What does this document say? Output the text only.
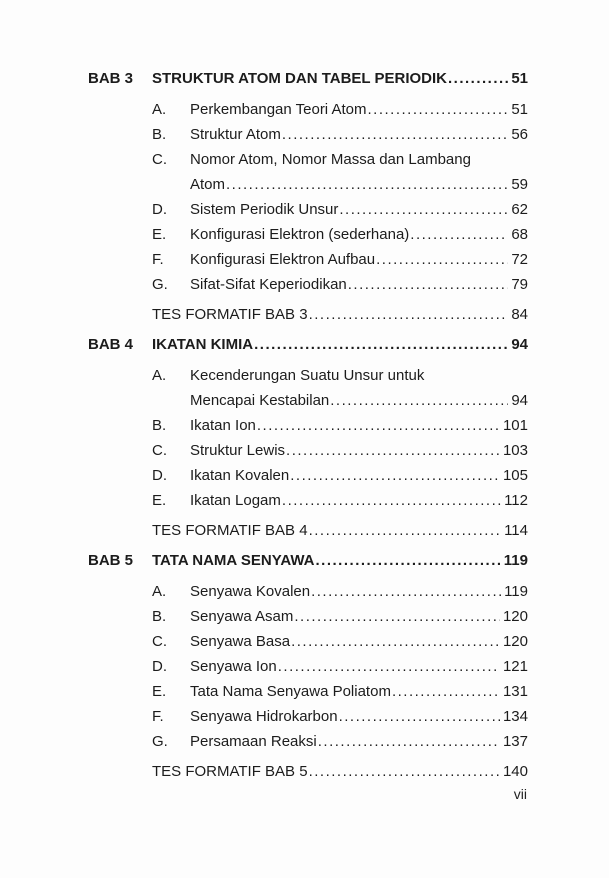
BAB 3	STRUKTUR ATOM DAN TABEL PERIODIK .....	51
A.	Perkembangan Teori Atom .....	51
B.	Struktur Atom .....	56
C.	Nomor Atom, Nomor Massa dan Lambang
Atom .....	59
D.	Sistem Periodik Unsur .....	62
E.	Konfigurasi Elektron (sederhana) .....	68
F.	Konfigurasi Elektron Aufbau .....	72
G.	Sifat-Sifat Keperiodikan .....	79
TES FORMATIF BAB 3 .....	84
BAB 4	IKATAN KIMIA .....	94
A.	Kecenderungan Suatu Unsur untuk
Mencapai Kestabilan .....	94
B.	Ikatan Ion .....	101
C.	Struktur Lewis .....	103
D.	Ikatan Kovalen .....	105
E.	Ikatan Logam .....	112
TES FORMATIF BAB 4 .....	114
BAB 5	TATA NAMA SENYAWA .....	119
A.	Senyawa Kovalen .....	119
B.	Senyawa Asam .....	120
C.	Senyawa Basa .....	120
D.	Senyawa Ion .....	121
E.	Tata Nama Senyawa Poliatom .....	131
F.	Senyawa Hidrokarbon .....	134
G.	Persamaan Reaksi .....	137
TES FORMATIF BAB 5 .....	140
vii
